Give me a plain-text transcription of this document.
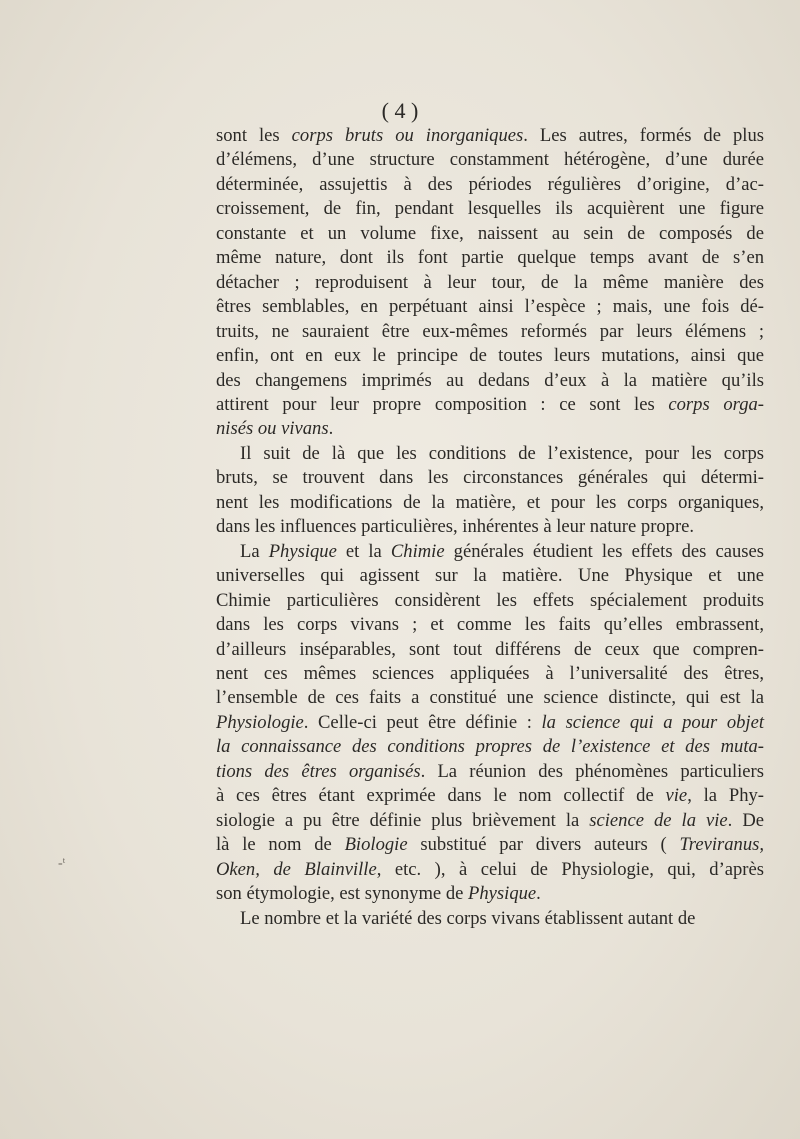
( 4 )
sont les corps bruts ou inorganiques. Les autres, formés de plus
d’élémens, d’une structure constamment hétérogène, d’une durée
déterminée, assujettis à des périodes régulières d’origine, d’ac-
croissement, de fin, pendant lesquelles ils acquièrent une figure
constante et un volume fixe, naissent au sein de composés de
même nature, dont ils font partie quelque temps avant de s’en
détacher ; reproduisent à leur tour, de la même manière des
êtres semblables, en perpétuant ainsi l’espèce ; mais, une fois dé-
truits, ne sauraient être eux-mêmes reformés par leurs élémens ;
enfin, ont en eux le principe de toutes leurs mutations, ainsi que
des changemens imprimés au dedans d’eux à la matière qu’ils
attirent pour leur propre composition : ce sont les corps orga-
nisés ou vivans.
Il suit de là que les conditions de l’existence, pour les corps
bruts, se trouvent dans les circonstances générales qui détermi-
nent les modifications de la matière, et pour les corps organiques,
dans les influences particulières, inhérentes à leur nature propre.
La Physique et la Chimie générales étudient les effets des causes
universelles qui agissent sur la matière. Une Physique et une
Chimie particulières considèrent les effets spécialement produits
dans les corps vivans ; et comme les faits qu’elles embrassent,
d’ailleurs inséparables, sont tout différens de ceux que compren-
nent ces mêmes sciences appliquées à l’universalité des êtres,
l’ensemble de ces faits a constitué une science distincte, qui est la
Physiologie. Celle-ci peut être définie : la science qui a pour objet
la connaissance des conditions propres de l’existence et des muta-
tions des êtres organisés. La réunion des phénomènes particuliers
à ces êtres étant exprimée dans le nom collectif de vie, la Phy-
siologie a pu être définie plus brièvement la science de la vie. De
là le nom de Biologie substitué par divers auteurs ( Treviranus,
Oken, de Blainville, etc. ), à celui de Physiologie, qui, d’après
son étymologie, est synonyme de Physique.
Le nombre et la variété des corps vivans établissent autant de
-ᵗ
